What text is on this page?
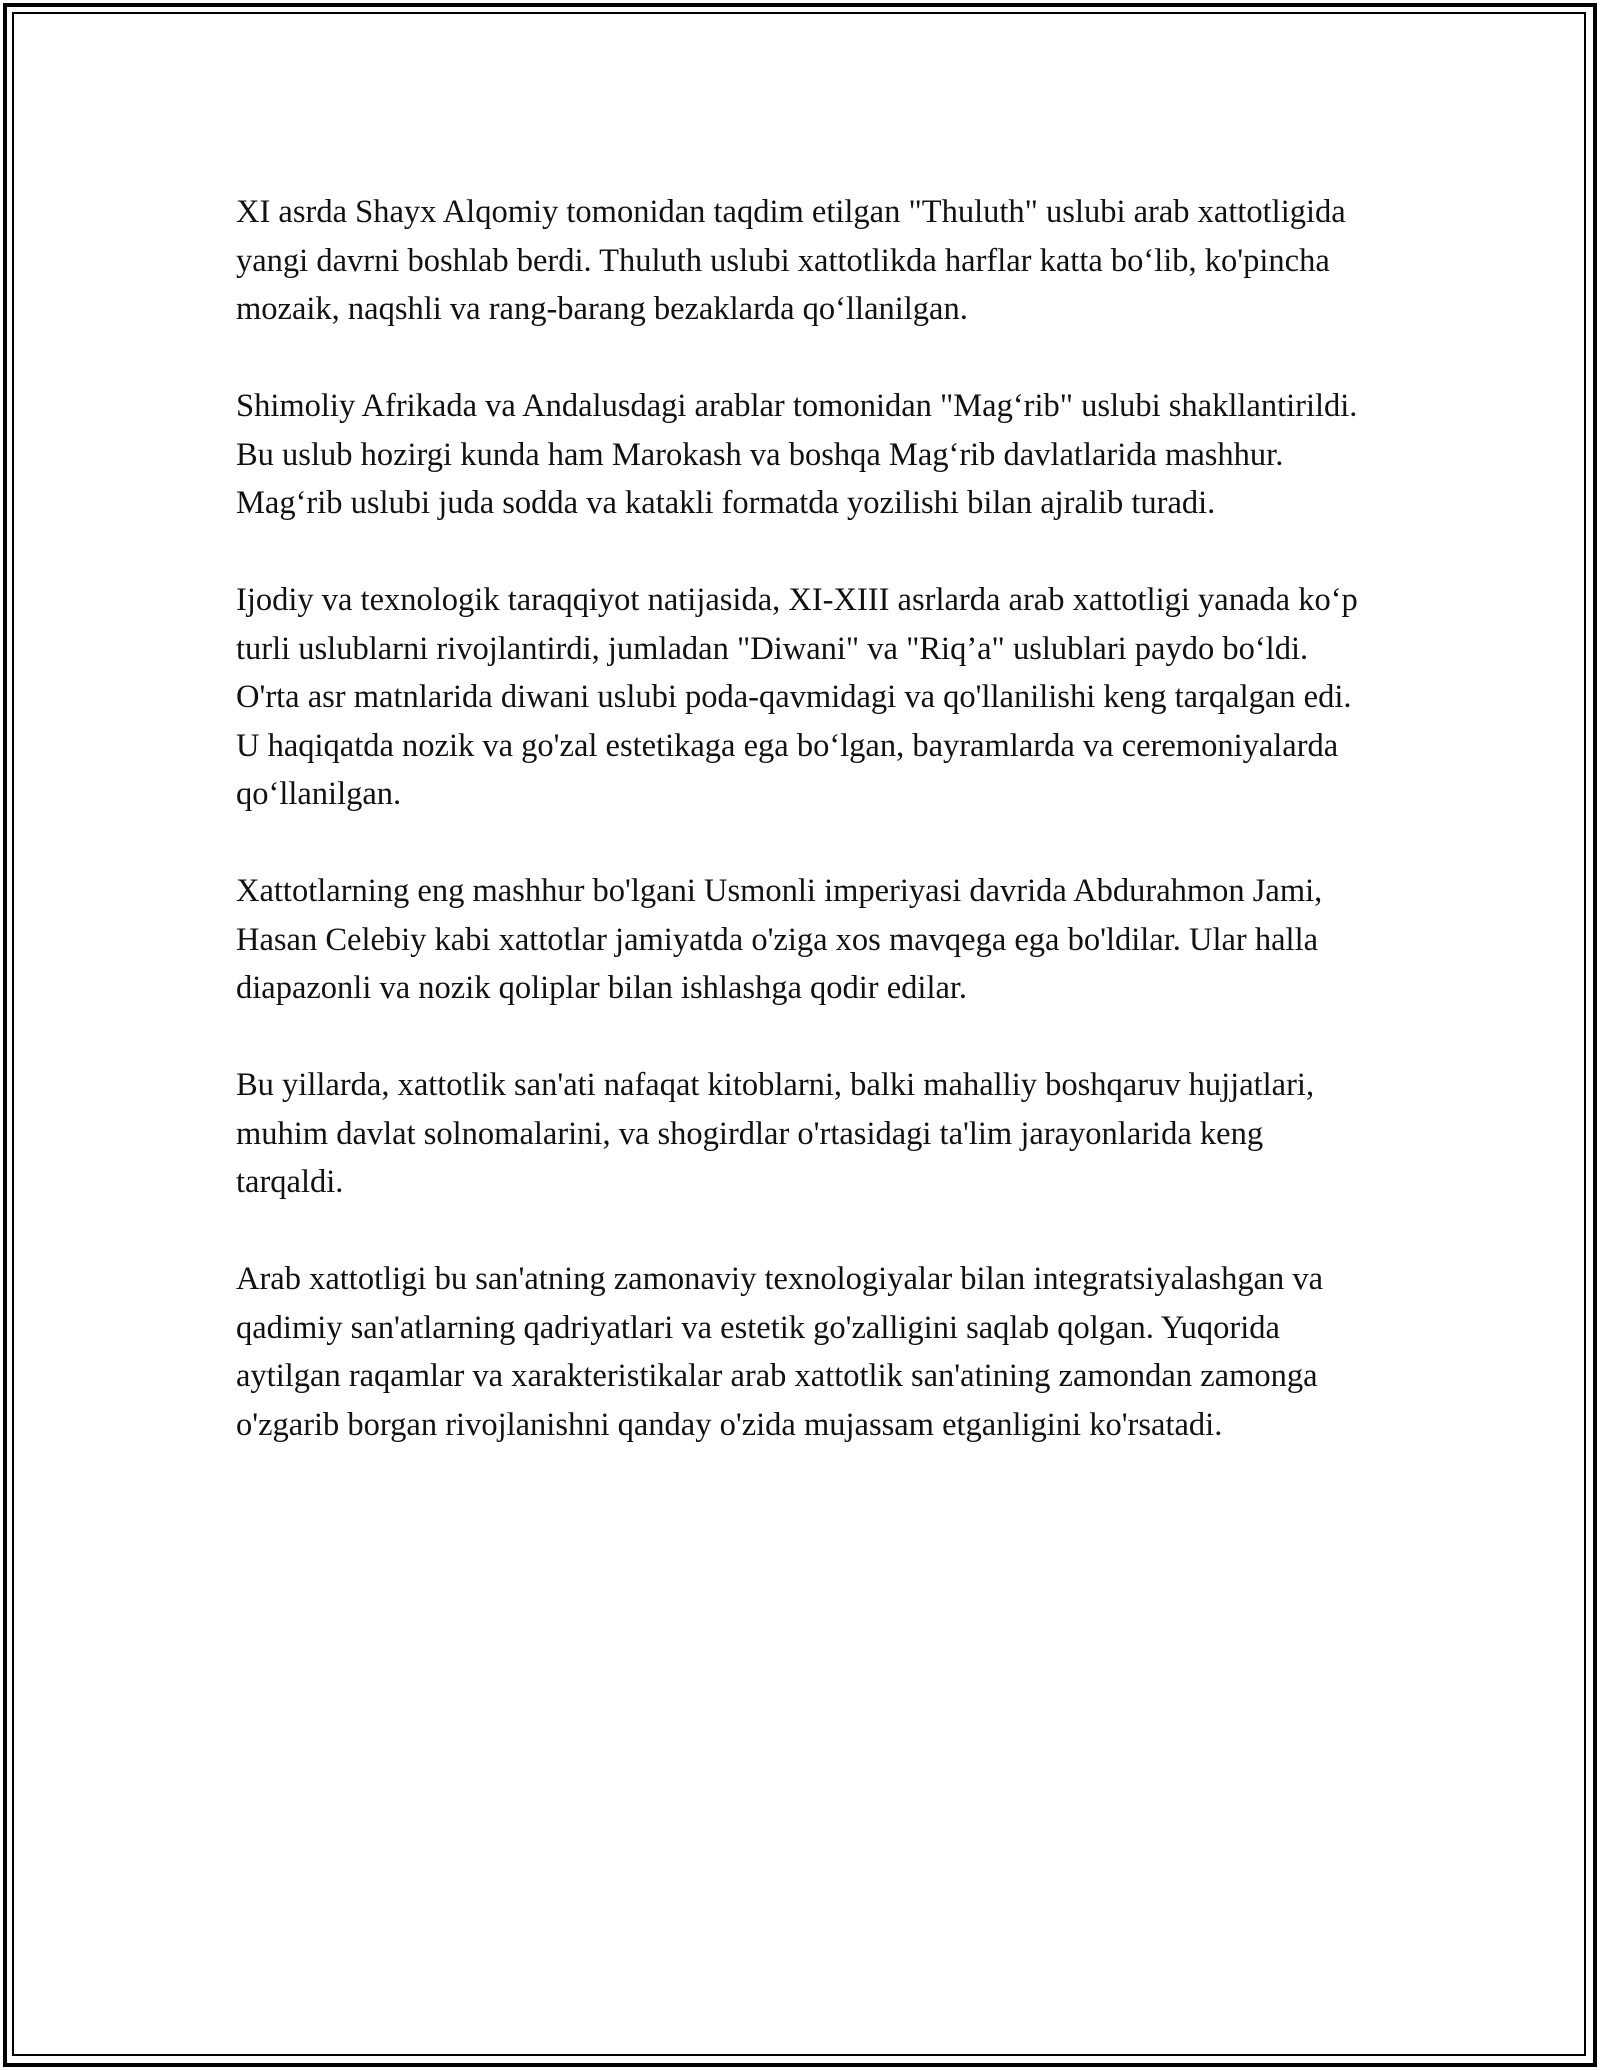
XI asrda Shayx Alqomiy tomonidan taqdim etilgan "Thuluth" uslubi arab xattotligida yangi davrni boshlab berdi. Thuluth uslubi xattotlikda harflar katta bo‘lib, ko'pincha mozaik, naqshli va rang-barang bezaklarda qo‘llanilgan.

Shimoliy Afrikada va Andalusdagi arablar tomonidan "Mag‘rib" uslubi shakllantirildi. Bu uslub hozirgi kunda ham Marokash va boshqa Mag‘rib davlatlarida mashhur. Mag‘rib uslubi juda sodda va katakli formatda yozilishi bilan ajralib turadi.

Ijodiy va texnologik taraqqiyot natijasida, XI-XIII asrlarda arab xattotligi yanada ko‘p turli uslublarni rivojlantirdi, jumladan "Diwani" va "Riq’a" uslublari paydo bo‘ldi. O'rta asr matnlarida diwani uslubi poda-qavmidagi va qo'llanilishi keng tarqalgan edi. U haqiqatda nozik va go'zal estetikaga ega bo‘lgan, bayramlarda va ceremoniyalarda qo‘llanilgan.

Xattotlarning eng mashhur bo'lgani Usmonli imperiyasi davrida Abdurahmon Jami, Hasan Celebiy kabi xattotlar jamiyatda o'ziga xos mavqega ega bo'ldilar. Ular halla diapazonli va nozik qoliplar bilan ishlashga qodir edilar.

Bu yillarda, xattotlik san'ati nafaqat kitoblarni, balki mahalliy boshqaruv hujjatlari, muhim davlat solnomalarini, va shogirdlar o'rtasidagi ta'lim jarayonlarida keng tarqaldi.

Arab xattotligi bu san'atning zamonaviy texnologiyalar bilan integratsiyalashgan va qadimiy san'atlarning qadriyatlari va estetik go'zalligini saqlab qolgan. Yuqorida aytilgan raqamlar va xarakteristikalar arab xattotlik san'atining zamondan zamonga o'zgarib borgan rivojlanishni qanday o'zida mujassam etganligini ko'rsatadi.
